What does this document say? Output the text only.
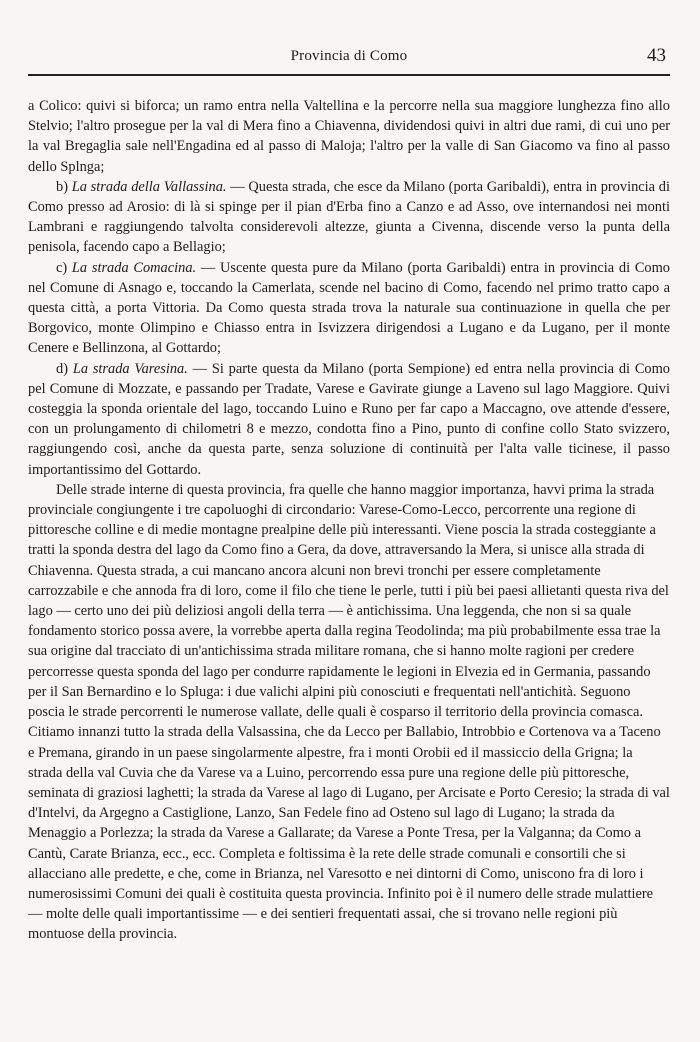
Provincia di Como	43

a Colico: quivi si biforca; un ramo entra nella Valtellina e la percorre nella sua maggiore lunghezza fino allo Stelvio; l'altro prosegue per la val di Mera fino a Chiavenna, dividendosi quivi in altri due rami, di cui uno per la val Bregaglia sale nell'Engadina ed al passo di Maloja; l'altro per la valle di San Giacomo va fino al passo dello Splnga;

b) La strada della Vallassina. — Questa strada, che esce da Milano (porta Garibaldi), entra in provincia di Como presso ad Arosio: di là si spinge per il pian d'Erba fino a Canzo e ad Asso, ove internandosi nei monti Lambrani e raggiungendo talvolta considerevoli altezze, giunta a Civenna, discende verso la punta della penisola, facendo capo a Bellagio;

c) La strada Comacina. — Uscente questa pure da Milano (porta Garibaldi) entra in provincia di Como nel Comune di Asnago e, toccando la Camerlata, scende nel bacino di Como, facendo nel primo tratto capo a questa città, a porta Vittoria. Da Como questa strada trova la naturale sua continuazione in quella che per Borgovico, monte Olimpino e Chiasso entra in Isvizzera dirigendosi a Lugano e da Lugano, per il monte Cenere e Bellinzona, al Gottardo;

d) La strada Varesina. — Si parte questa da Milano (porta Sempione) ed entra nella provincia di Como pel Comune di Mozzate, e passando per Tradate, Varese e Gavirate giunge a Laveno sul lago Maggiore. Quivi costeggia la sponda orientale del lago, toccando Luino e Runo per far capo a Maccagno, ove attende d'essere, con un prolungamento di chilometri 8 e mezzo, condotta fino a Pino, punto di confine collo Stato svizzero, raggiungendo così, anche da questa parte, senza soluzione di continuità per l'alta valle ticinese, il passo importantissimo del Gottardo.

Delle strade interne di questa provincia, fra quelle che hanno maggior importanza, havvi prima la strada provinciale congiungente i tre capoluoghi di circondario: Varese-Como-Lecco, percorrente una regione di pittoresche colline e di medie montagne prealpine delle più interessanti. Viene poscia la strada costeggiante a tratti la sponda destra del lago da Como fino a Gera, da dove, attraversando la Mera, si unisce alla strada di Chiavenna. Questa strada, a cui mancano ancora alcuni non brevi tronchi per essere completamente carrozzabile e che annoda fra di loro, come il filo che tiene le perle, tutti i più bei paesi allietanti questa riva del lago — certo uno dei più deliziosi angoli della terra — è antichissima. Una leggenda, che non si sa quale fondamento storico possa avere, la vorrebbe aperta dalla regina Teodolinda; ma più probabilmente essa trae la sua origine dal tracciato di un'antichissima strada militare romana, che si hanno molte ragioni per credere percorresse questa sponda del lago per condurre rapidamente le legioni in Elvezia ed in Germania, passando per il San Bernardino e lo Spluga: i due valichi alpini più conosciuti e frequentati nell'antichità. Seguono poscia le strade percorrenti le numerose vallate, delle quali è cosparso il territorio della provincia comasca. Citiamo innanzi tutto la strada della Valsassina, che da Lecco per Ballabio, Introbbio e Cortenova va a Taceno e Premana, girando in un paese singolarmente alpestre, fra i monti Orobii ed il massiccio della Grigna; la strada della val Cuvia che da Varese va a Luino, percorrendo essa pure una regione delle più pittoresche, seminata di graziosi laghetti; la strada da Varese al lago di Lugano, per Arcisate e Porto Ceresio; la strada di val d'Intelvi, da Argegno a Castiglione, Lanzo, San Fedele fino ad Osteno sul lago di Lugano; la strada da Menaggio a Porlezza; la strada da Varese a Gallarate; da Varese a Ponte Tresa, per la Valganna; da Como a Cantù, Carate Brianza, ecc., ecc. Completa e foltissima è la rete delle strade comunali e consortili che si allacciano alle predette, e che, come in Brianza, nel Varesotto e nei dintorni di Como, uniscono fra di loro i numerosissimi Comuni dei quali è costituita questa provincia. Infinito poi è il numero delle strade mulattiere — molte delle quali importantissime — e dei sentieri frequentati assai, che si trovano nelle regioni più montuose della provincia.
